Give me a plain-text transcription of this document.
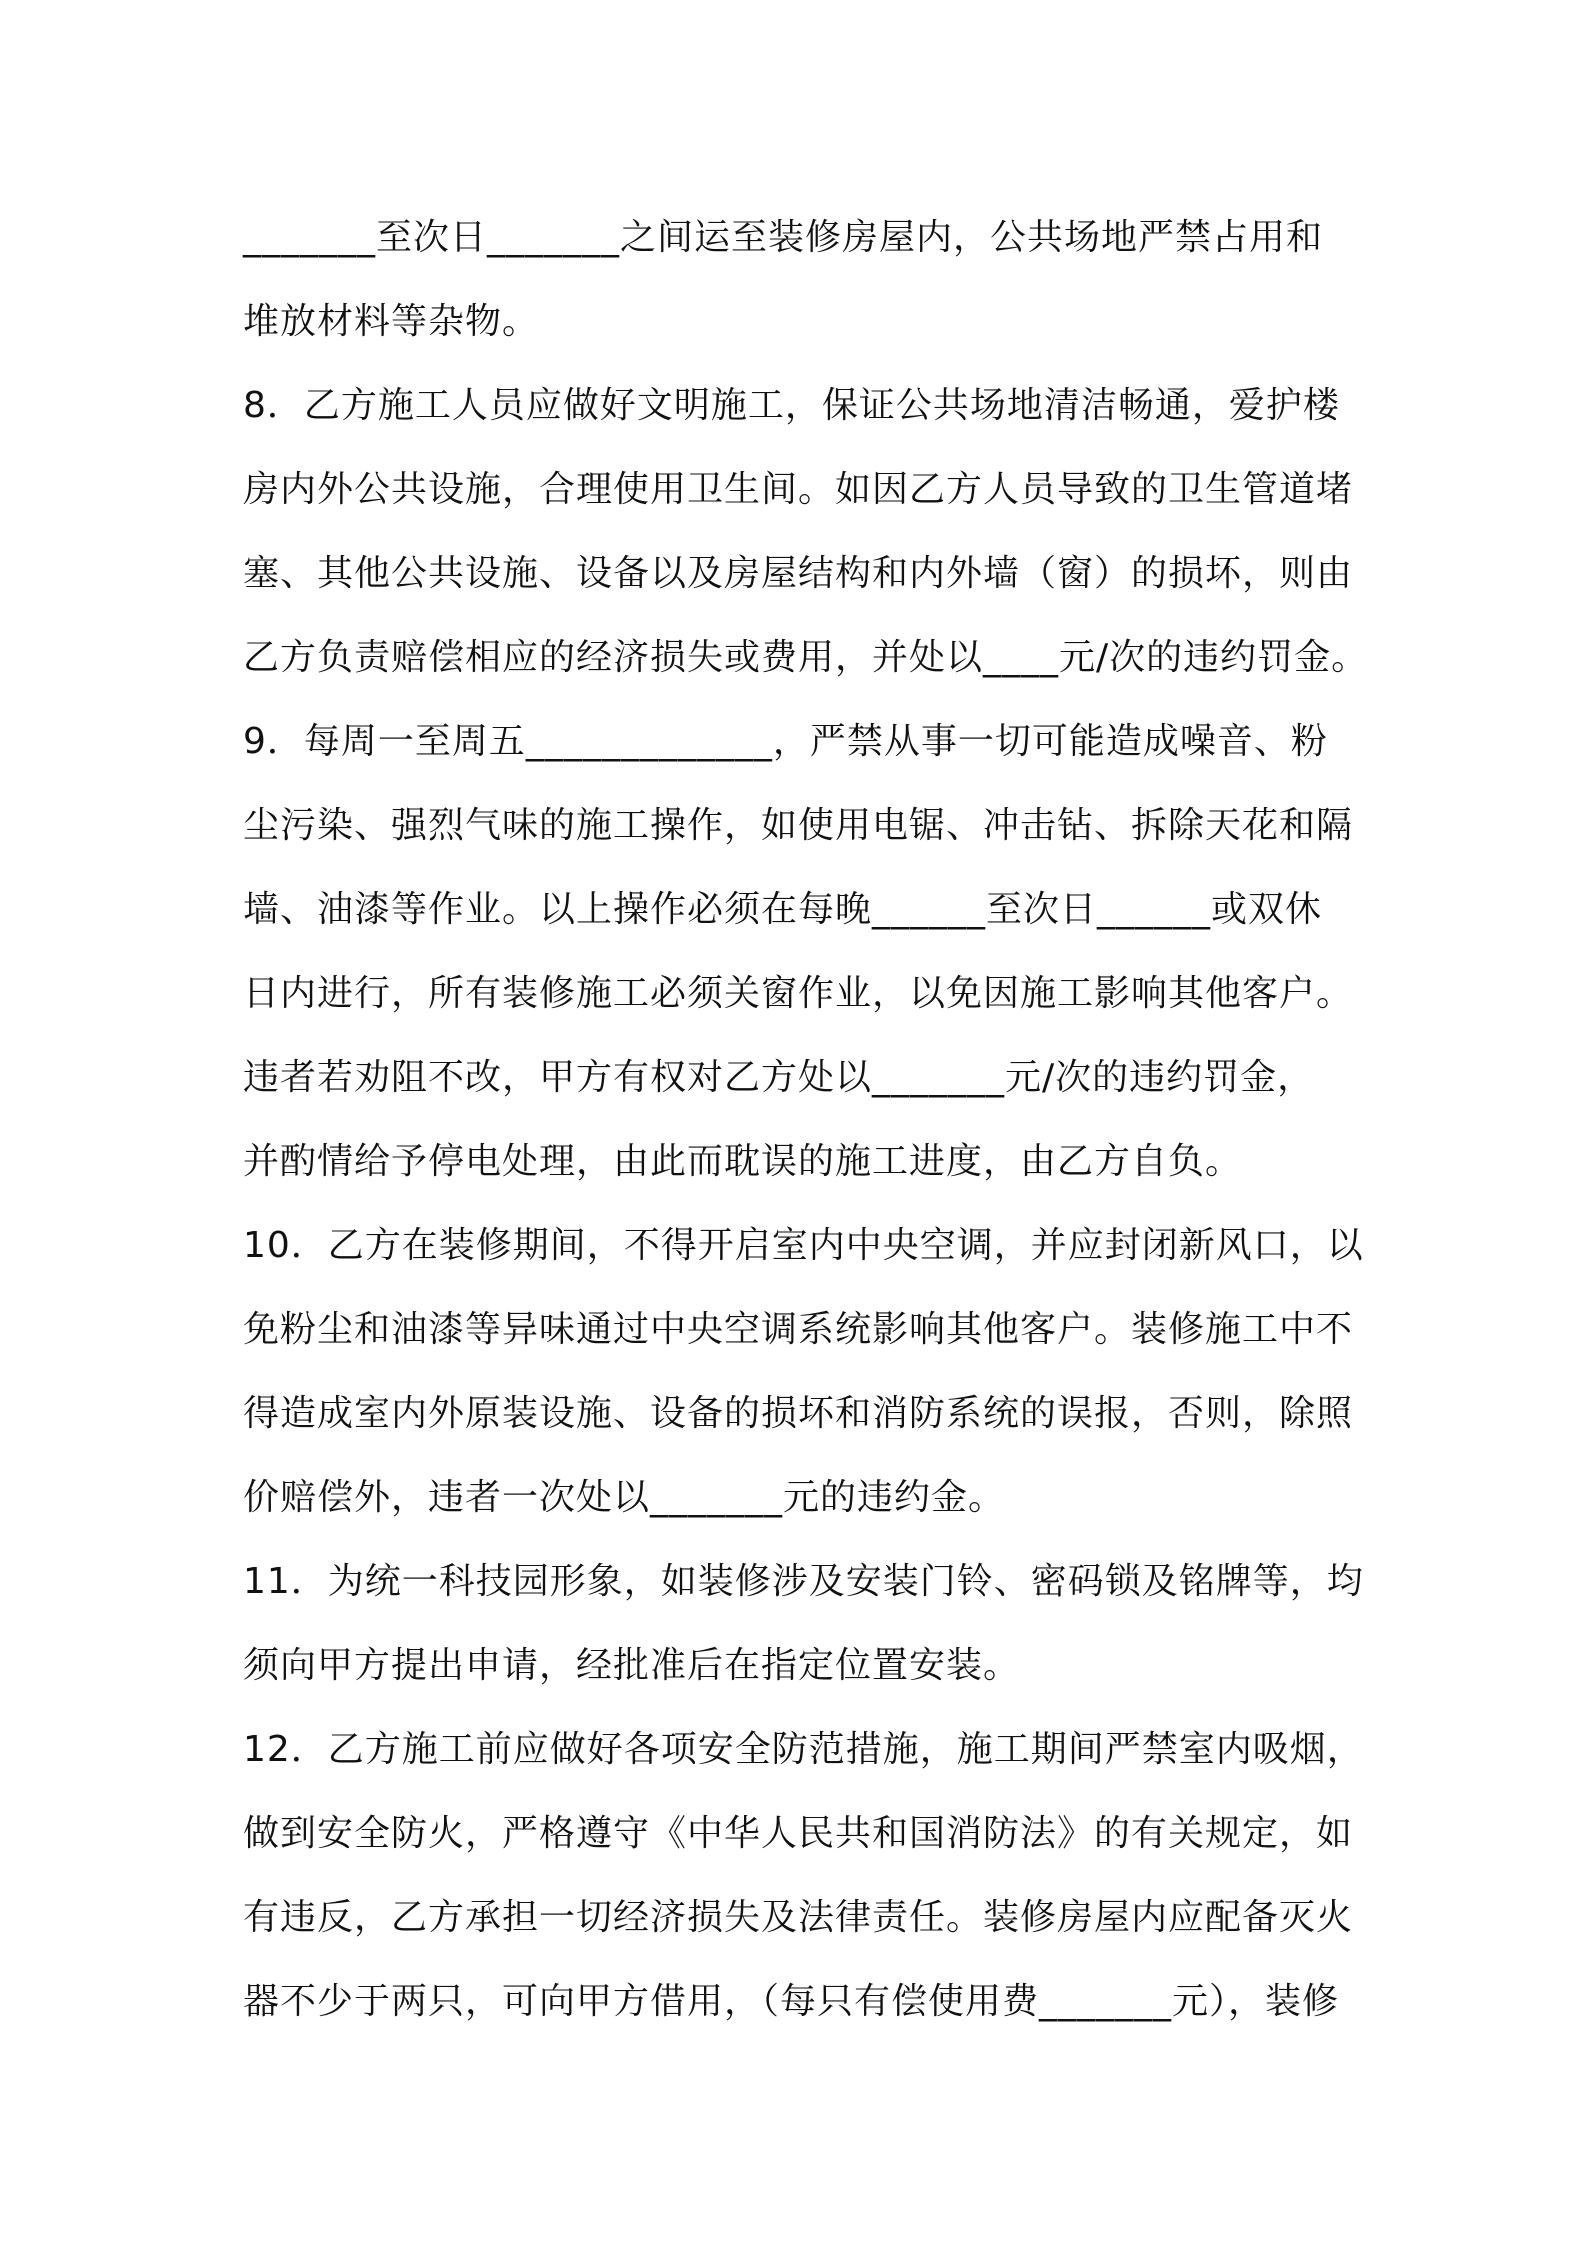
_______至次日_______之间运至装修房屋内，公共场地严禁占用和
堆放材料等杂物。
8．乙方施工人员应做好文明施工，保证公共场地清洁畅通，爱护楼
房内外公共设施，合理使用卫生间。如因乙方人员导致的卫生管道堵
塞、其他公共设施、设备以及房屋结构和内外墙（窗）的损坏，则由
乙方负责赔偿相应的经济损失或费用，并处以____元/次的违约罚金。
9．每周一至周五_____________，严禁从事一切可能造成噪音、粉
尘污染、强烈气味的施工操作，如使用电锯、冲击钻、拆除天花和隔
墙、油漆等作业。以上操作必须在每晚______至次日______或双休
日内进行，所有装修施工必须关窗作业，以免因施工影响其他客户。
违者若劝阻不改，甲方有权对乙方处以_______元/次的违约罚金，
并酌情给予停电处理，由此而耽误的施工进度，由乙方自负。
10．乙方在装修期间，不得开启室内中央空调，并应封闭新风口，以
免粉尘和油漆等异味通过中央空调系统影响其他客户。装修施工中不
得造成室内外原装设施、设备的损坏和消防系统的误报，否则，除照
价赔偿外，违者一次处以_______元的违约金。
11．为统一科技园形象，如装修涉及安装门铃、密码锁及铭牌等，均
须向甲方提出申请，经批准后在指定位置安装。
12．乙方施工前应做好各项安全防范措施，施工期间严禁室内吸烟，
做到安全防火，严格遵守《中华人民共和国消防法》的有关规定，如
有违反，乙方承担一切经济损失及法律责任。装修房屋内应配备灭火
器不少于两只，可向甲方借用，（每只有偿使用费_______元），装修
